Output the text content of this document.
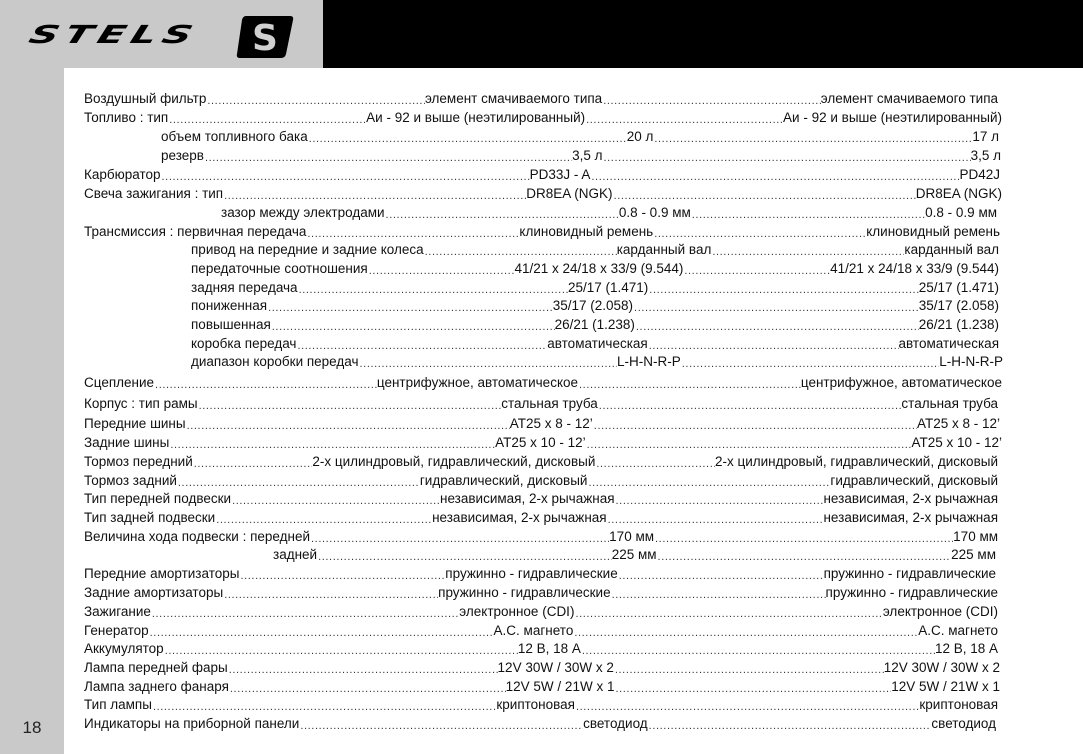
STELS	S
18
Воздушный фильтр .....	элемент смачиваемого типа .....	элемент смачиваемого типа
Топливо : тип .....	Аи - 92 и выше (неэтилированный) .....	Аи - 92 и выше (неэтилированный)
объем топливного бака .....	20 л .....	17 л
резерв .....	3,5 л .....	3,5 л
Карбюратор .....	PD33J - A .....	PD42J
Свеча зажигания : тип .....	DR8EA (NGK) .....	DR8EA (NGK)
зазор между электродами .....	0.8 - 0.9 мм .....	0.8 - 0.9 мм
Трансмиссия : первичная передача .....	клиновидный ремень .....	клиновидный ремень
привод на передние и задние колеса .....	карданный вал .....	карданный вал
передаточные соотношения .....	41/21 x 24/18 x 33/9 (9.544) .....	41/21 x 24/18 x 33/9 (9.544)
задняя передача .....	25/17 (1.471) .....	25/17 (1.471)
пониженная .....	35/17 (2.058) .....	35/17 (2.058)
повышенная .....	26/21 (1.238) .....	26/21 (1.238)
коробка передач .....	автоматическая .....	автоматическая
диапазон коробки передач .....	L-H-N-R-P .....	L-H-N-R-P
Сцепление .....	центрифужное, автоматическое .....	центрифужное, автоматическое
Корпус : тип рамы .....	стальная труба .....	стальная труба
Передние шины .....	AT25 x 8 - 12’ .....	AT25 x 8 - 12’
Задние шины .....	AT25 x 10 - 12’ .....	AT25 x 10 - 12’
Тормоз передний .....	2-х цилиндровый, гидравлический, дисковый .....	2-х цилиндровый, гидравлический, дисковый
Тормоз задний .....	гидравлический, дисковый .....	гидравлический, дисковый
Тип передней подвески .....	независимая, 2-х рычажная .....	независимая, 2-х рычажная
Тип задней подвески .....	независимая, 2-х рычажная .....	независимая, 2-х рычажная
Величина хода подвески : передней .....	170 мм .....	170 мм
задней .....	225 мм .....	225 мм
Передние амортизаторы .....	пружинно - гидравлические .....	пружинно - гидравлические
Задние амортизаторы .....	пружинно - гидравлические .....	пружинно - гидравлические
Зажигание .....	электронное (CDI) .....	электронное (CDI)
Генератор .....	A.C. магнето .....	A.C. магнето
Аккумулятор .....	12 В, 18 А .....	12 В, 18 А
Лампа передней фары .....	12V 30W / 30W x 2 .....	12V 30W / 30W x 2
Лампа заднего фанаря .....	12V 5W / 21W x 1 .....	12V 5W / 21W x 1
Тип лампы .....	криптоновая .....	криптоновая
Индикаторы на приборной панели .....	светодиод .....	светодиод
